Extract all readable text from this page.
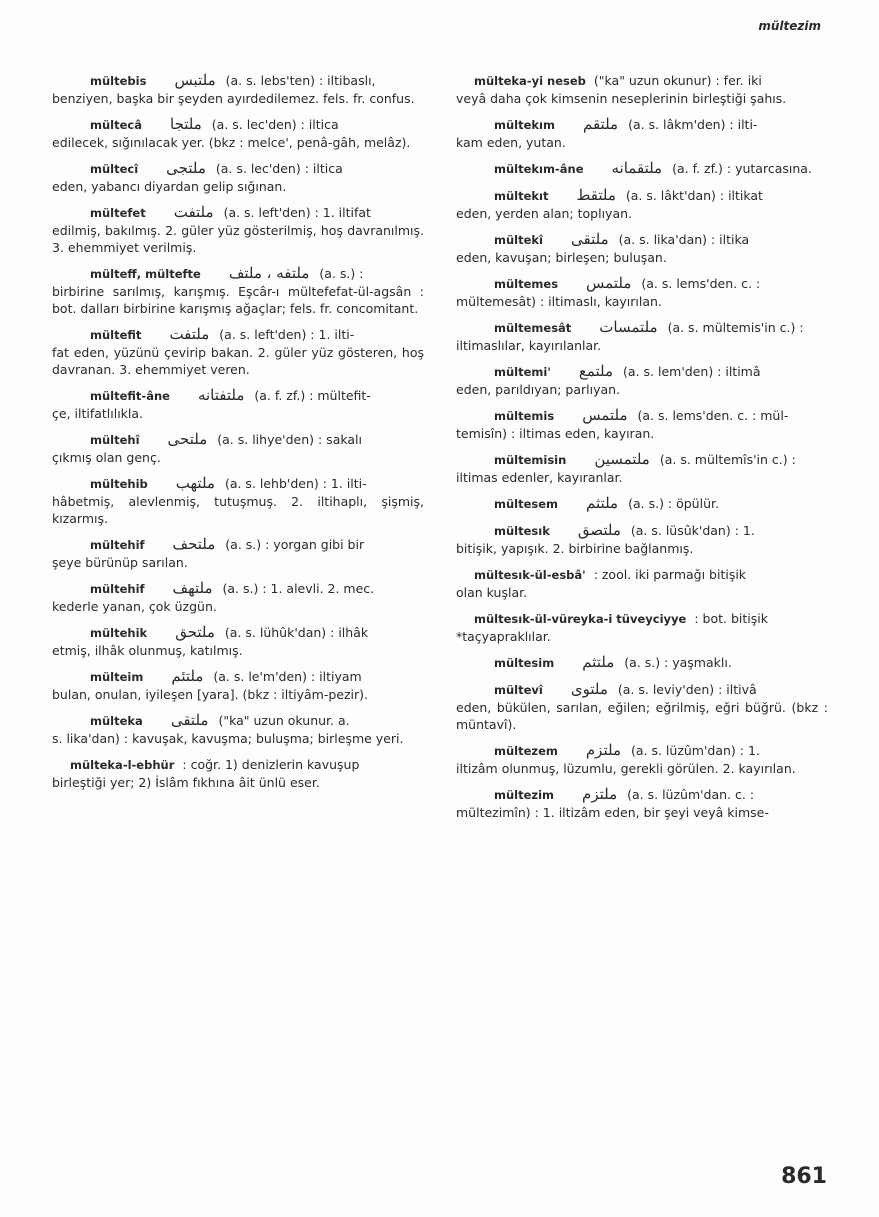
mültezim
mültebis ملتبس (a. s. lebs'ten) : iltibaslı,
benziyen, başka bir şeyden ayırdedilemez. fels. fr. confus.
mültecâ ملتجا (a. s. lec'den) : iltica
edilecek, sığınılacak yer. (bkz : melce', penâ-gâh, melâz).
mültecî ملتجى (a. s. lec'den) : iltica
eden, yabancı diyardan gelip sığınan.
mültefet ملتفت (a. s. left'den) : 1. iltifat
edilmiş, bakılmış. 2. güler yüz gösterilmiş, hoş davranılmış. 3. ehemmiyet verilmiş.
mülteff, mültefte ملتفه ، ملتف (a. s.) :
birbirine sarılmış, karışmış. Eşcâr-ı mültefefat-ül-agsân : bot. dalları birbirine karışmış ağaçlar; fels. fr. concomitant.
mültefit ملتفت (a. s. left'den) : 1. ilti-
fat eden, yüzünü çevirip bakan. 2. güler yüz gösteren, hoş davranan. 3. ehemmiyet veren.
mültefit-âne ملتفتانه (a. f. zf.) : mültefit-
çe, iltifatlılıkla.
mültehî ملتحى (a. s. lihye'den) : sakalı
çıkmış olan genç.
mültehib ملتهب (a. s. lehb'den) : 1. ilti-
hâbetmiş, alevlenmiş, tutuşmuş. 2. iltihaplı, şişmiş, kızarmış.
mültehif ملتحف (a. s.) : yorgan gibi bir
şeye bürünüp sarılan.
mültehif ملتهف (a. s.) : 1. alevli. 2. mec.
kederle yanan, çok üzgün.
mültehik ملتحق (a. s. lühûk'dan) : ilhâk
etmiş, ilhâk olunmuş, katılmış.
mülteim ملتئم (a. s. le'm'den) : iltiyam
bulan, onulan, iyileşen [yara]. (bkz : iltiyâm-pezir).
mülteka ملتقى ("ka" uzun okunur. a.
s. lika'dan) : kavuşak, kavuşma; buluşma; birleşme yeri.
mülteka-l-ebhür : coğr. 1) denizlerin kavuşup
birleştiği yer; 2) İslâm fıkhına âit ünlü eser.
mülteka-yi neseb ("ka" uzun okunur) : fer. iki
veyâ daha çok kimsenin neseplerinin birleştiği şahıs.
mültekım ملتقم (a. s. lâkm'den) : ilti-
kam eden, yutan.
mültekım-âne ملتقمانه (a. f. zf.) : yutarcasına.
mültekıt ملتقط (a. s. lâkt'dan) : iltikat
eden, yerden alan; toplıyan.
mültekî ملتقى (a. s. lika'dan) : iltika
eden, kavuşan; birleşen; buluşan.
mültemes ملتمس (a. s. lems'den. c. :
mültemesât) : iltimaslı, kayırılan.
mültemesât ملتمسات (a. s. mültemis'in c.) :
iltimaslılar, kayırılanlar.
mültemi' ملتمع (a. s. lem'den) : iltimâ
eden, parıldıyan; parlıyan.
mültemis ملتمس (a. s. lems'den. c. : mül-
temisîn) : iltimas eden, kayıran.
mültemisin ملتمسين (a. s. mültemîs'in c.) :
iltimas edenler, kayıranlar.
mültesem ملتثم (a. s.) : öpülür.
mültesık ملتصق (a. s. lüsûk'dan) : 1.
bitişik, yapışık. 2. birbirine bağlanmış.
mültesık-ül-esbâ' : zool. iki parmağı bitişik
olan kuşlar.
mültesık-ül-vüreyka-i tüveyciyye : bot. bitişik
*taçyapraklılar.
mültesim ملتثم (a. s.) : yaşmaklı.
mültevî ملتوى (a. s. leviy'den) : iltivâ
eden, bükülen, sarılan, eğilen; eğrilmiş, eğri büğrü. (bkz : müntavî).
mültezem ملتزم (a. s. lüzûm'dan) : 1.
iltizâm olunmuş, lüzumlu, gerekli görülen. 2. kayırılan.
mültezim ملتزم (a. s. lüzûm'dan. c. :
mültezimîn) : 1. iltizâm eden, bir şeyi veyâ kimse-
861
